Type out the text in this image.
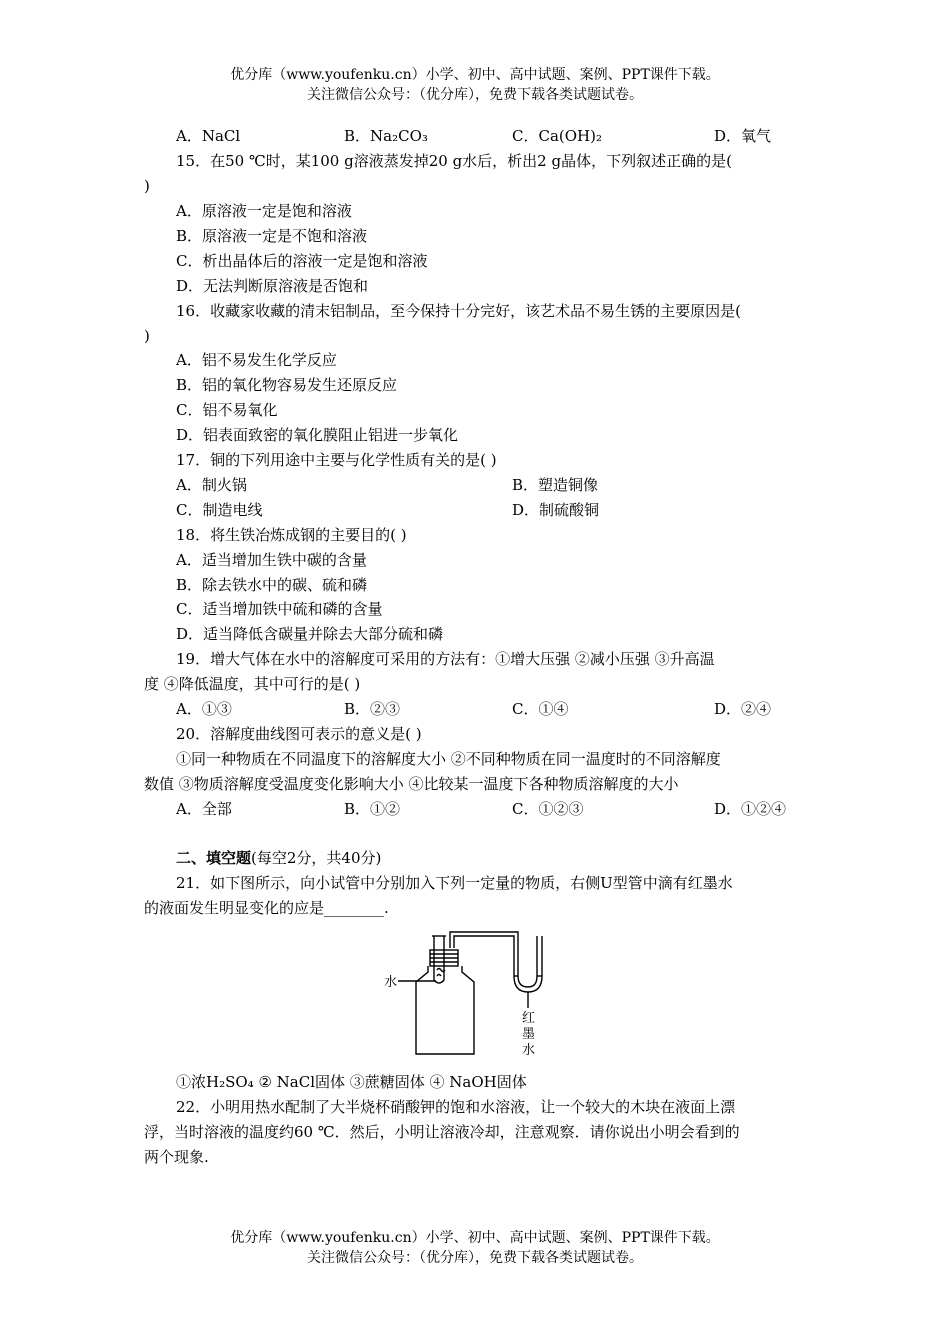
优分库（www.youfenku.cn）小学、初中、高中试题、案例、PPT课件下载。
关注微信公众号：（优分库），免费下载各类试题试卷。
A．NaCl	B．Na₂CO₃	C．Ca(OH)₂	D．氧气
15．在50 ℃时，某100 g溶液蒸发掉20 g水后，析出2 g晶体，下列叙述正确的是(
)
A．原溶液一定是饱和溶液
B．原溶液一定是不饱和溶液
C．析出晶体后的溶液一定是饱和溶液
D．无法判断原溶液是否饱和
16．收藏家收藏的清末铝制品，至今保持十分完好，该艺术品不易生锈的主要原因是(
)
A．铝不易发生化学反应
B．铝的氧化物容易发生还原反应
C．铝不易氧化
D．铝表面致密的氧化膜阻止铝进一步氧化
17．铜的下列用途中主要与化学性质有关的是( )
A．制火锅	B．塑造铜像
C．制造电线	D．制硫酸铜
18．将生铁冶炼成钢的主要目的( )
A．适当增加生铁中碳的含量
B．除去铁水中的碳、硫和磷
C．适当增加铁中硫和磷的含量
D．适当降低含碳量并除去大部分硫和磷
19．增大气体在水中的溶解度可采用的方法有：①增大压强 ②减小压强 ③升高温
度 ④降低温度，其中可行的是( )
A．①③	B．②③	C．①④	D．②④
20．溶解度曲线图可表示的意义是( )
①同一种物质在不同温度下的溶解度大小 ②不同种物质在同一温度时的不同溶解度
数值 ③物质溶解度受温度变化影响大小 ④比较某一温度下各种物质溶解度的大小
A．全部	B．①②	C．①②③	D．①②④
二、填空题(每空2分，共40分)
21．如下图所示，向小试管中分别加入下列一定量的物质，右侧U型管中滴有红墨水
的液面发生明显变化的应是________.
水
红
墨
水
①浓H₂SO₄ ② NaCl固体 ③蔗糖固体 ④ NaOH固体
22．小明用热水配制了大半烧杯硝酸钾的饱和水溶液，让一个较大的木块在液面上漂
浮，当时溶液的温度约60 ℃．然后，小明让溶液冷却，注意观察．请你说出小明会看到的
两个现象.
优分库（www.youfenku.cn）小学、初中、高中试题、案例、PPT课件下载。
关注微信公众号：（优分库），免费下载各类试题试卷。
